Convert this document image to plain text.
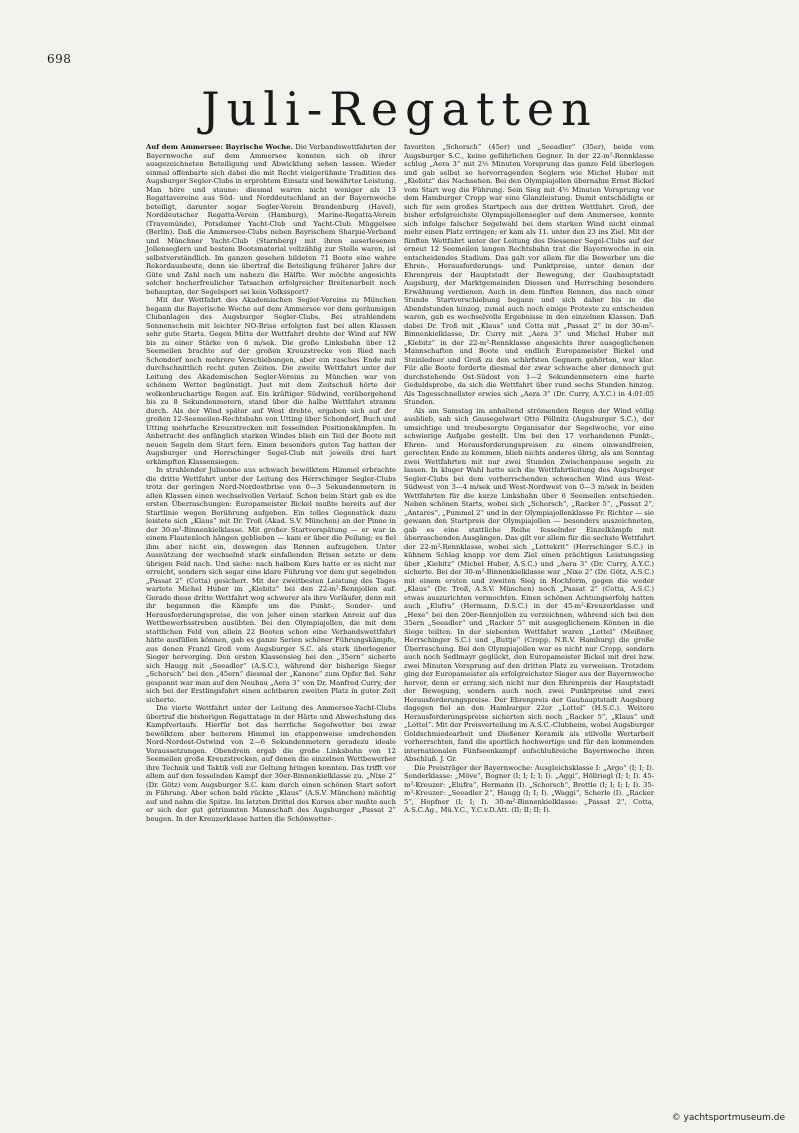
698
Juli-Regatten

Auf dem Ammersee: Bayrische Woche. Die Verbandswettfahrten der Bayernwoche auf dem Ammersee konnten sich ob ihrer ausgezeichneten Beteiligung und Abwicklung sehen lassen. Wieder einmal offenbarte sich dabei die mit Recht vielgerühmte Tradition des Augsburger Segler-Clubs in erprobtem Einsatz und bewährter Leistung. Man höre und staune: diesmal waren nicht weniger als 13 Regattavereine aus Süd- und Norddeutschland an der Bayernwoche beteiligt, darunter sogar Segler-Verein Brandenburg (Havel), Norddeutscher Regatta-Verein (Hamburg), Marine-Regatta-Verein (Travemünde), Potsdamer Yacht-Club und Yacht-Club Müggelsee (Berlin). Daß die Ammersee-Clubs neben Bayrischem Sharpie-Verband und Münchner Yacht-Club (Starnberg) mit ihren auserlesenen Jollenseglern und bestem Bootsmaterial vollzählig zur Stelle waren, ist selbstverständlich. Im ganzen gesehen bildeten 71 Boote eine wahre Rekordausbeute, denn sie übertraf die Beteiligung früherer Jahre der Güte und Zahl nach um nahezu die Hälfte. Wer möchte angesichts solcher hocherfreulicher Tatsachen erfolgreicher Breitenarbeit noch behaupten, der Segelsport sei kein Volkssport?

Mit der Wettfahrt des Akademischen Segler-Vereins zu München begann die Bayerische Woche auf dem Ammersee vor dem geräumigen Clubanlagen des Augsburger Segler-Clubs. Bei strahlendem Sonnenschein mit leichter NO-Brise erfolgten fast bei allen Klassen sehr gute Starts. Gegen Mitte der Wettfahrt drehte der Wind auf NW bis zu einer Stärke von 6 m/sek. Die große Linksbahn über 12 Seemeilen brachte auf der großen Kreuzstrecke von Ried nach Schondorf noch mehrere Verschiebungen, aber ein rasches Ende mit durchschnittlich recht guten Zeiten. Die zweite Wettfahrt unter der Leitung des Akademischen Segler-Vereins zu München war von schönem Wetter begünstigt. Just mit dem Zeitschuß hörte der wolkenbruchartige Regen auf. Ein kräftiger Südwind, vorübergehend bis zu 8 Sekundenmetern, stand über die halbe Wettfahrt stramm durch. Als der Wind später auf West drehte, ergaben sich auf der großen 12-Seemeilen-Rechtsbahn von Utting über Schondorf, Buch und Utting mehrfache Kreuzstrecken mit fesselnden Positionskämpfen. In Anbetracht des anfänglich starken Windes blieb ein Teil der Boote mit neuen Segeln dem Start fern. Einen besonders guten Tag hatten der Augsburger und Herrschinger Segel-Club mit jeweils drei hart erkämpften Klassensiegen.

In strahlender Julisonne aus schwach bewölktem Himmel erbrachte die dritte Wettfahrt unter der Leitung des Herrschinger Segler-Clubs trotz der geringen Nord-Nordostbrise von 0—3 Sekundenmetern in allen Klassen einen wechselvollen Verlauf. Schon beim Start gab es die ersten Überraschungen: Europameister Bickel mußte bereits auf der Startlinie wegen Berührung aufgeben. Ein tolles Gegenstück dazu leistete sich „Klaus“ mit Dr. Troß (Akad. S.V. München) an der Pinne in der 30-m²-Binnenkielklasse. Mit großer Startverspätung — er war in einem Flautenloch hängen geblieben — kam er über die Peilung; es fiel ihm aber nicht ein, deswegen das Rennen aufzugeben. Unter Ausnützung der wechselnd stark einfallenden Brisen setzte er dem übrigen Feld nach. Und siehe: nach halbem Kurs hatte er es nicht nur erreicht, sondern sich sogar eine klare Führung vor dem gut segelnden „Passat 2“ (Cotta) gesichert. Mit der zweitbesten Leistung des Tages wartete Michel Huber im „Kiebitz“ bei den 22-m²-Rennjollen auf. Gerade diese dritte Wettfahrt wog schwerer als ihre Vorläufer, denn mit ihr begannen die Kämpfe um die Punkt-, Sonder- und Herausforderungspreise, die von jeher einen starken Anreiz auf das Wettbewerbsstreben ausübten. Bei den Olympiajollen, die mit dem stattlichen Feld von allein 22 Booten schon eine Verbandswettfahrt hätte ausfüllen können, gab es ganze Serien schöner Führungskämpfe, aus denen Franzl Groß vom Augsburger S.C. als stark überlegener Sieger hervorging. Den ersten Klassensieg bei den „35ern“ sicherte sich Haugg mit „Seeadler“ (A.S.C.), während der bisherige Sieger „Schorsch“ bei den „45ern“ diesmal der „Kanone“ zum Opfer fiel. Sehr gespannt war man auf den Neubau „Aera 3“ von Dr. Manfred Curry, der sich bei der Erstlingsfahrt einen achtbaren zweiten Platz in guter Zeit sicherte.

Die vierte Wettfahrt unter der Leitung des Ammersee-Yacht-Clubs übertraf die bisherigen Regattatage in der Härte und Abwechslung des Kampfverlaufs. Hierfür bot das herrliche Segelwetter bei zwar bewölktem aber heiterem Himmel im etappenweise umdrehenden Nord-Nordost-Ostwind von 2—6 Sekundenmetern geradezu ideale Voraussetzungen. Obendrein ergab die große Linksbahn von 12 Seemeilen große Kreuzstrecken, auf denen die einzelnen Wettbewerber ihre Technik und Taktik voll zur Geltung bringen konnten. Das trifft vor allem auf den fesselnden Kampf der 30er-Binnenkielklasse zu. „Nixe 2“ (Dr. Götz) vom Augsburger S.C. kam durch einen schönen Start sofort in Führung. Aber schon bald rückte „Klaus“ (A.S.V. München) mächtig auf und nahm die Spitze. Im letzten Drittel des Kurses aber mußte auch er sich der gut getrimmten Mannschaft des Augsburger „Passat 2“ beugen. In der Kreuzerklasse hatten die Schönwetter-

favoriten „Schorsch“ (45er) und „Seeadler“ (35er), beide vom Augsburger S.C., keine gefährlichen Gegner. In der 22-m²-Rennklasse schlug „Aera 3“ mit 2½ Minuten Vorsprung das ganze Feld überlegen und gab selbst so hervorragenden Seglern wie Michel Huber mit „Kiebitz“ das Nachsehen. Bei den Olympiajollen übernahm Ernst Bickel vom Start weg die Führung. Sein Sieg mit 4½ Minuten Vorsprung vor dem Hamburger Cropp war eine Glanzleistung. Damit entschädigte er sich für sein großes Startpech aus der dritten Wettfahrt. Groß, der bisher erfolgreichste Olympiajollensegler auf dem Ammersee, konnte sich infolge falscher Segelwahl bei dem starken Wind nicht einmal mehr einen Platz erringen; er kam als 11. unter den 23 ins Ziel. Mit der fünften Wettfahrt unter der Leitung des Diessener Segel-Clubs auf der erneut 12 Seemeilen langen Rechtsbahn trat die Bayernwoche in ein entscheidendes Stadium. Das galt vor allem für die Bewerber um die Ehren-, Herausforderungs- und Punktpreise, unter denen der Ehrenpreis der Hauptstadt der Bewegung, der Gauhauptstadt Augsburg, der Marktgemeinden Diessen und Herrsching besondere Erwähnung verdienen. Auch in dem fünften Rennen, das nach einer Stunde Startverschiebung begann und sich daher bis in die Abendstunden hinzog, zumal auch noch einige Proteste zu entscheiden waren, gab es wechselvolle Ergebnisse in den einzelnen Klassen. Daß dabei Dr. Troß mit „Klaus“ und Cotta mit „Passat 2“ in der 30-m²-Binnenkielklasse, Dr. Curry mit „Aera 3“ und Michel Huber mit „Kiebitz“ in der 22-m²-Rennklasse angesichts ihrer ausgeglichenen Mannschaften und Boote und endlich Europameister Bickel und Steinledner und Groß zu den schärfsten Gegnern gehörten, war klar. Für alle Boote forderte diesmal der zwar schwache aber dennoch gut durchstehende Ost-Südost von 1—2 Sekundenmetern eine harte Geduldsprobe, da sich die Wettfahrt über rund sechs Stunden hinzog. Als Tagesschnellster erwies sich „Aera 3“ (Dr. Curry, A.Y.C.) in 4:01:05 Stunden.

Als am Samstag im anhaltend strömenden Regen der Wind völlig ausblieb, sah sich Gausegelwart Otto Pöllnitz (Augsburger S.C.), der umsichtige und treubesorgte Organisator der Segelwoche, vor eine schwierige Aufgabe gestellt. Um bei den 17 vorhandenen Punkt-, Ehren- und Herausforderungspreisen zu einem einwandfreien, gerechten Ende zu kommen, blieb nichts anderes übrig, als am Sonntag zwei Wettfahrten mit nur zwei Stunden Zwischenpause segeln zu lassen. In kluger Wahl hatte sich die Wettfahrtleitung des Augsburger Segler-Clubs bei dem vorherrschenden schwachen Wind aus West-Südwest von 3—4 m/sek und West-Nordwest von 0—3 m/sek in beiden Wettfahrten für die kurze Linksbahn über 6 Seemeilen entschieden. Neben schönen Starts, wobei sich „Schorsch“, „Racker 5“, „Passat 2“, „Antares“, „Pummel 2“ und in der Olympiajollenklasse Fr. Richter — sie gewann den Startpreis der Olympiajollen — besonders auszeichneten, gab es eine stattliche Reihe fesselnder Einzelkämpfe mit überraschenden Ausgängen. Das gilt vor allem für die sechste Wettfahrt der 22-m²-Rennklasse, wobei sich „Lottekrit“ (Herrschinger S.C.) in kühnem Schlag knapp vor dem Ziel einen prächtigen Leistungssieg über „Kiebitz“ (Michel Huber, A.S.C.) und „Aera 3“ (Dr. Curry, A.Y.C.) sicherte. Bei der 30-m²-Binnenkielklasse war „Nixe 2“ (Dr. Götz, A.S.C.) mit einem ersten und zweiten Sieg in Hochform, gegen die weder „Klaus“ (Dr. Troß, A.S.V. München) noch „Passat 2“ (Cotta, A.S.C.) etwas auszurichten vermochten. Einen schönen Achtungserfolg hatten auch „Elufra“ (Hermann, D.S.C.) in der 45-m²-Kreuzerklasse und „Hexe“ bei den 20er-Rennjollen zu verzeichnen, während sich bei den 35ern „Seeadler“ und „Racker 5“ mit ausgeglichenem Können in die Siege teilten. In der siebenten Wettfahrt waren „Lottel“ (Meißner, Herrschinger S.C.) und „Buttje“ (Cropp, N.R.V. Hamburg) die große Überraschung. Bei den Olympiajollen war es nicht nur Cropp, sondern auch noch Sedlmayr geglückt, den Europameister Bickel mit drei bzw. zwei Minuten Vorsprung auf den dritten Platz zu verweisen. Trotzdem ging der Europameister als erfolgreichster Sieger aus der Bayernwoche hervor, denn er errang sich nicht nur den Ehrenpreis der Hauptstadt der Bewegung, sondern auch noch zwei Punktpreise und zwei Herausforderungspreise. Der Ehrenpreis der Gauhauptstadt Augsburg dagegen fiel an den Hamburger 22er „Lottel“ (H.S.C.). Weitere Herausforderungspreise sicherten sich noch „Racker 5“, „Klaus“ und „Lottel“. Mit der Preisverteilung im A.S.C.-Clubheim, wobei Augsburger Goldschmiedearbeit und Dießener Keramik als stilvolle Wertarbeit vorherrschten, fand die sportlich hochwertige und für den kommenden internationalen Fünfseenkampf aufschlußreiche Bayernwoche ihren Abschluß. J. Gr.

Die Preisträger der Bayernwoche: Ausgleichsklasse I: „Argo“ (I; I; I). Sonderklasse: „Möve“, Bogner (I; I; I; I; I). „Aggi“, Höllriegl (I; I; I). 45-m²-Kreuzer: „Elufra“, Hermann (I). „Schorsch“, Brettle (I; I; I; I; I). 35-m²-Kreuzer: „Seeadler 2“, Haugg (I; I; I). „Waggi“, Scherle (I). „Racker 5“, Hopfner (I; I; I). 30-m²-Binnenkielklasse: „Passat 2“, Cotta, A.S.C.Ag., Mü.Y.C., Y.C.v.D.Att. (II; II; II; I).

© yachtsportmuseum.de
